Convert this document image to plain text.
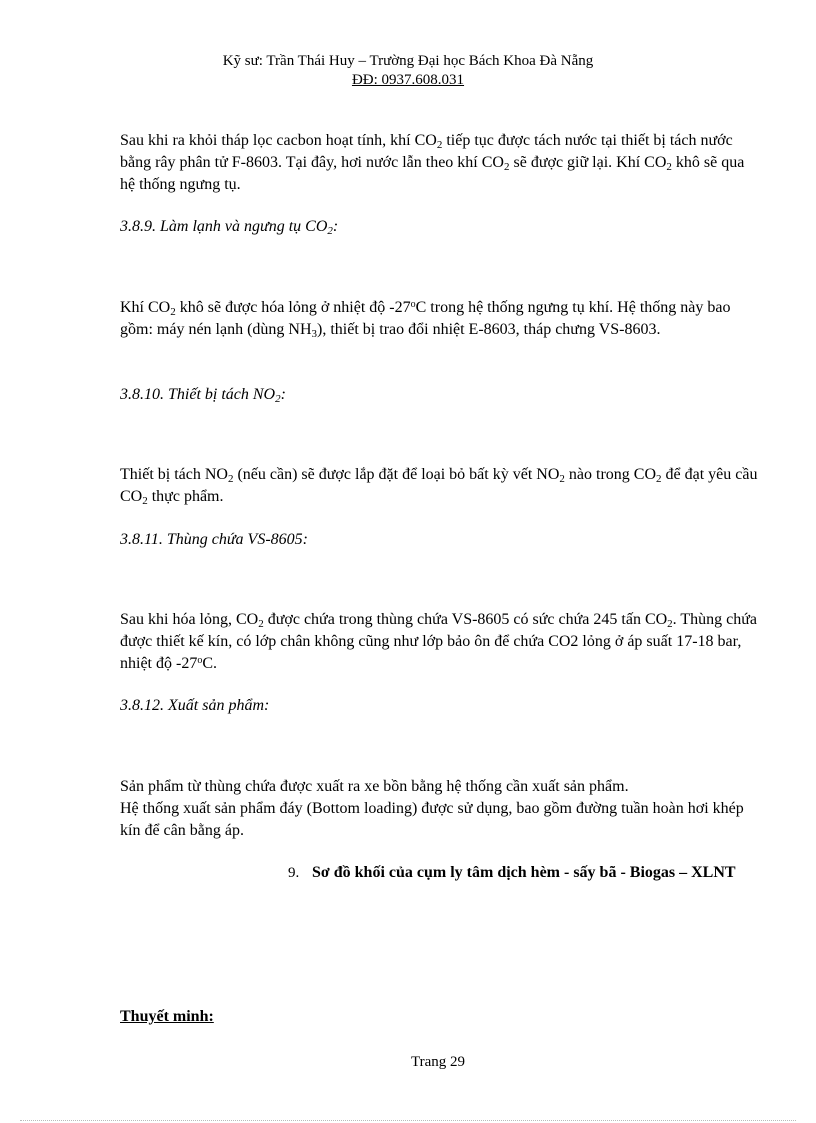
Kỹ sư: Trần Thái Huy – Trường Đại học Bách Khoa Đà Nẵng
ĐĐ: 0937.608.031
Sau khi ra khỏi tháp lọc cacbon hoạt tính, khí $CO_2$ tiếp tục được tách nước tại thiết bị tách nước bằng rây phân tử F-8603. Tại đây, hơi nước lẫn theo khí $CO_2$ sẽ được giữ lại. Khí $CO_2$ khô sẽ qua hệ thống ngưng tụ.
3.8.9. Làm lạnh và ngưng tụ $CO_2$:
Khí $CO_2$ khô sẽ được hóa lỏng ở nhiệt độ -27$^o$C trong hệ thống ngưng tụ khí. Hệ thống này bao gồm: máy nén lạnh (dùng $NH_3$), thiết bị trao đổi nhiệt E-8603, tháp chưng VS-8603.
3.8.10. Thiết bị tách $NO_2$:
Thiết bị tách $NO_2$ (nếu cần) sẽ được lắp đặt để loại bỏ bất kỳ vết $NO_2$ nào trong $CO_2$ để đạt yêu cầu $CO_2$ thực phẩm.
3.8.11. Thùng chứa VS-8605:
Sau khi hóa lỏng, $CO_2$ được chứa trong thùng chứa VS-8605 có sức chứa 245 tấn $CO_2$. Thùng chứa được thiết kế kín, có lớp chân không cũng như lớp bảo ôn để chứa CO2 lỏng ở áp suất 17-18 bar, nhiệt độ -27$^o$C.
3.8.12. Xuất sản phẩm:
Sản phẩm từ thùng chứa được xuất ra xe bồn bằng hệ thống cần xuất sản phẩm.
Hệ thống xuất sản phẩm đáy (Bottom loading) được sử dụng, bao gồm đường tuần hoàn hơi khép kín để cân bằng áp.
9. Sơ đồ khối của cụm ly tâm dịch hèm - sấy bã - Biogas – XLNT
Thuyết minh:
Trang 29
